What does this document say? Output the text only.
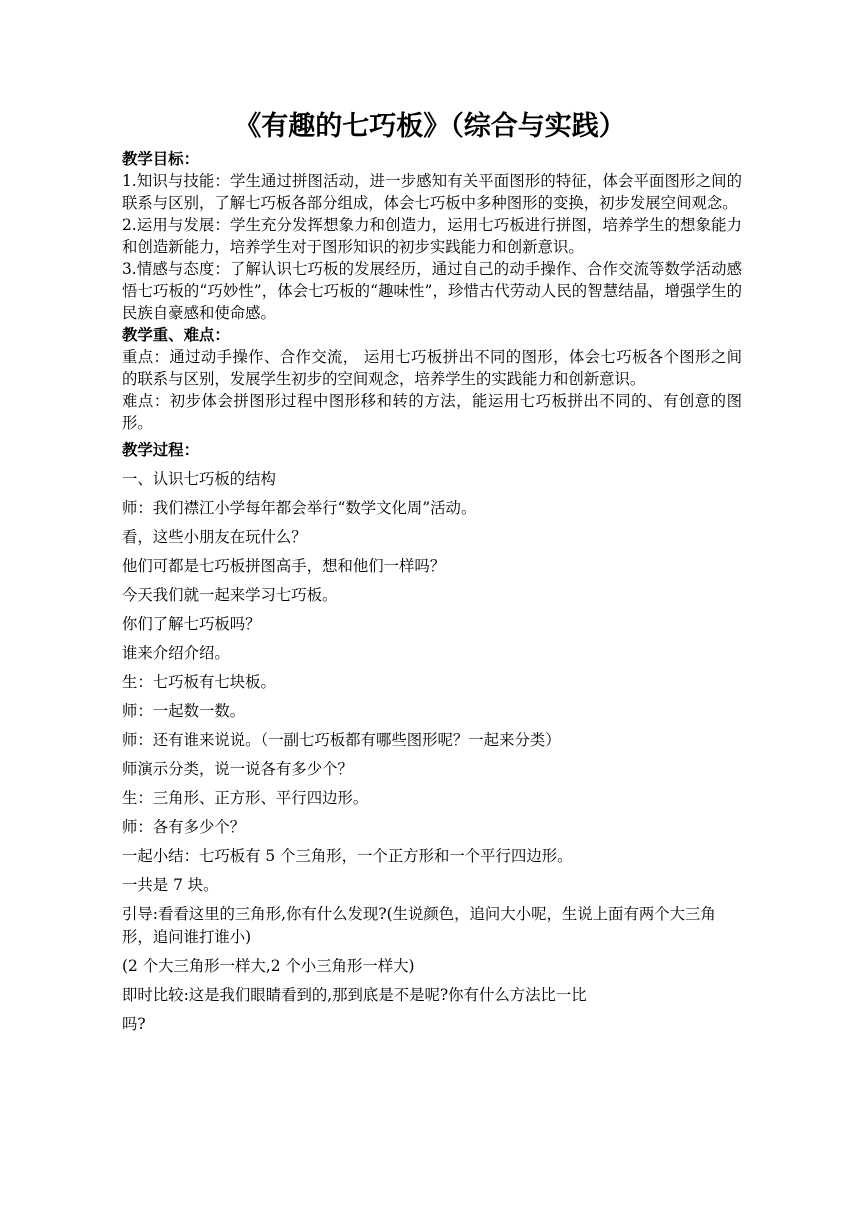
《有趣的七巧板》（综合与实践）
教学目标：
1.知识与技能：学生通过拼图活动，进一步感知有关平面图形的特征，体会平面图形之间的联系与区别，了解七巧板各部分组成，体会七巧板中多种图形的变换，初步发展空间观念。
2.运用与发展：学生充分发挥想象力和创造力，运用七巧板进行拼图，培养学生的想象能力和创造新能力，培养学生对于图形知识的初步实践能力和创新意识。
3.情感与态度：了解认识七巧板的发展经历，通过自己的动手操作、合作交流等数学活动感悟七巧板的“巧妙性”，体会七巧板的“趣味性”，珍惜古代劳动人民的智慧结晶，增强学生的民族自豪感和使命感。
教学重、难点：
重点：通过动手操作、合作交流， 运用七巧板拼出不同的图形，体会七巧板各个图形之间的联系与区别，发展学生初步的空间观念，培养学生的实践能力和创新意识。
难点：初步体会拼图形过程中图形移和转的方法，能运用七巧板拼出不同的、有创意的图形。
教学过程：
一、认识七巧板的结构
师：我们襟江小学每年都会举行“数学文化周”活动。
看，这些小朋友在玩什么？
他们可都是七巧板拼图高手，想和他们一样吗？
今天我们就一起来学习七巧板。
你们了解七巧板吗？
谁来介绍介绍。
生：七巧板有七块板。
师：一起数一数。
师：还有谁来说说。（一副七巧板都有哪些图形呢？一起来分类）
师演示分类，说一说各有多少个？
生：三角形、正方形、平行四边形。
师：各有多少个？
一起小结：七巧板有 5 个三角形，一个正方形和一个平行四边形。
一共是 7 块。
引导:看看这里的三角形,你有什么发现?(生说颜色，追问大小呢，生说上面有两个大三角形，追问谁打谁小)
(2 个大三角形一样大,2 个小三角形一样大)
即时比较:这是我们眼睛看到的,那到底是不是呢?你有什么方法比一比
吗?
